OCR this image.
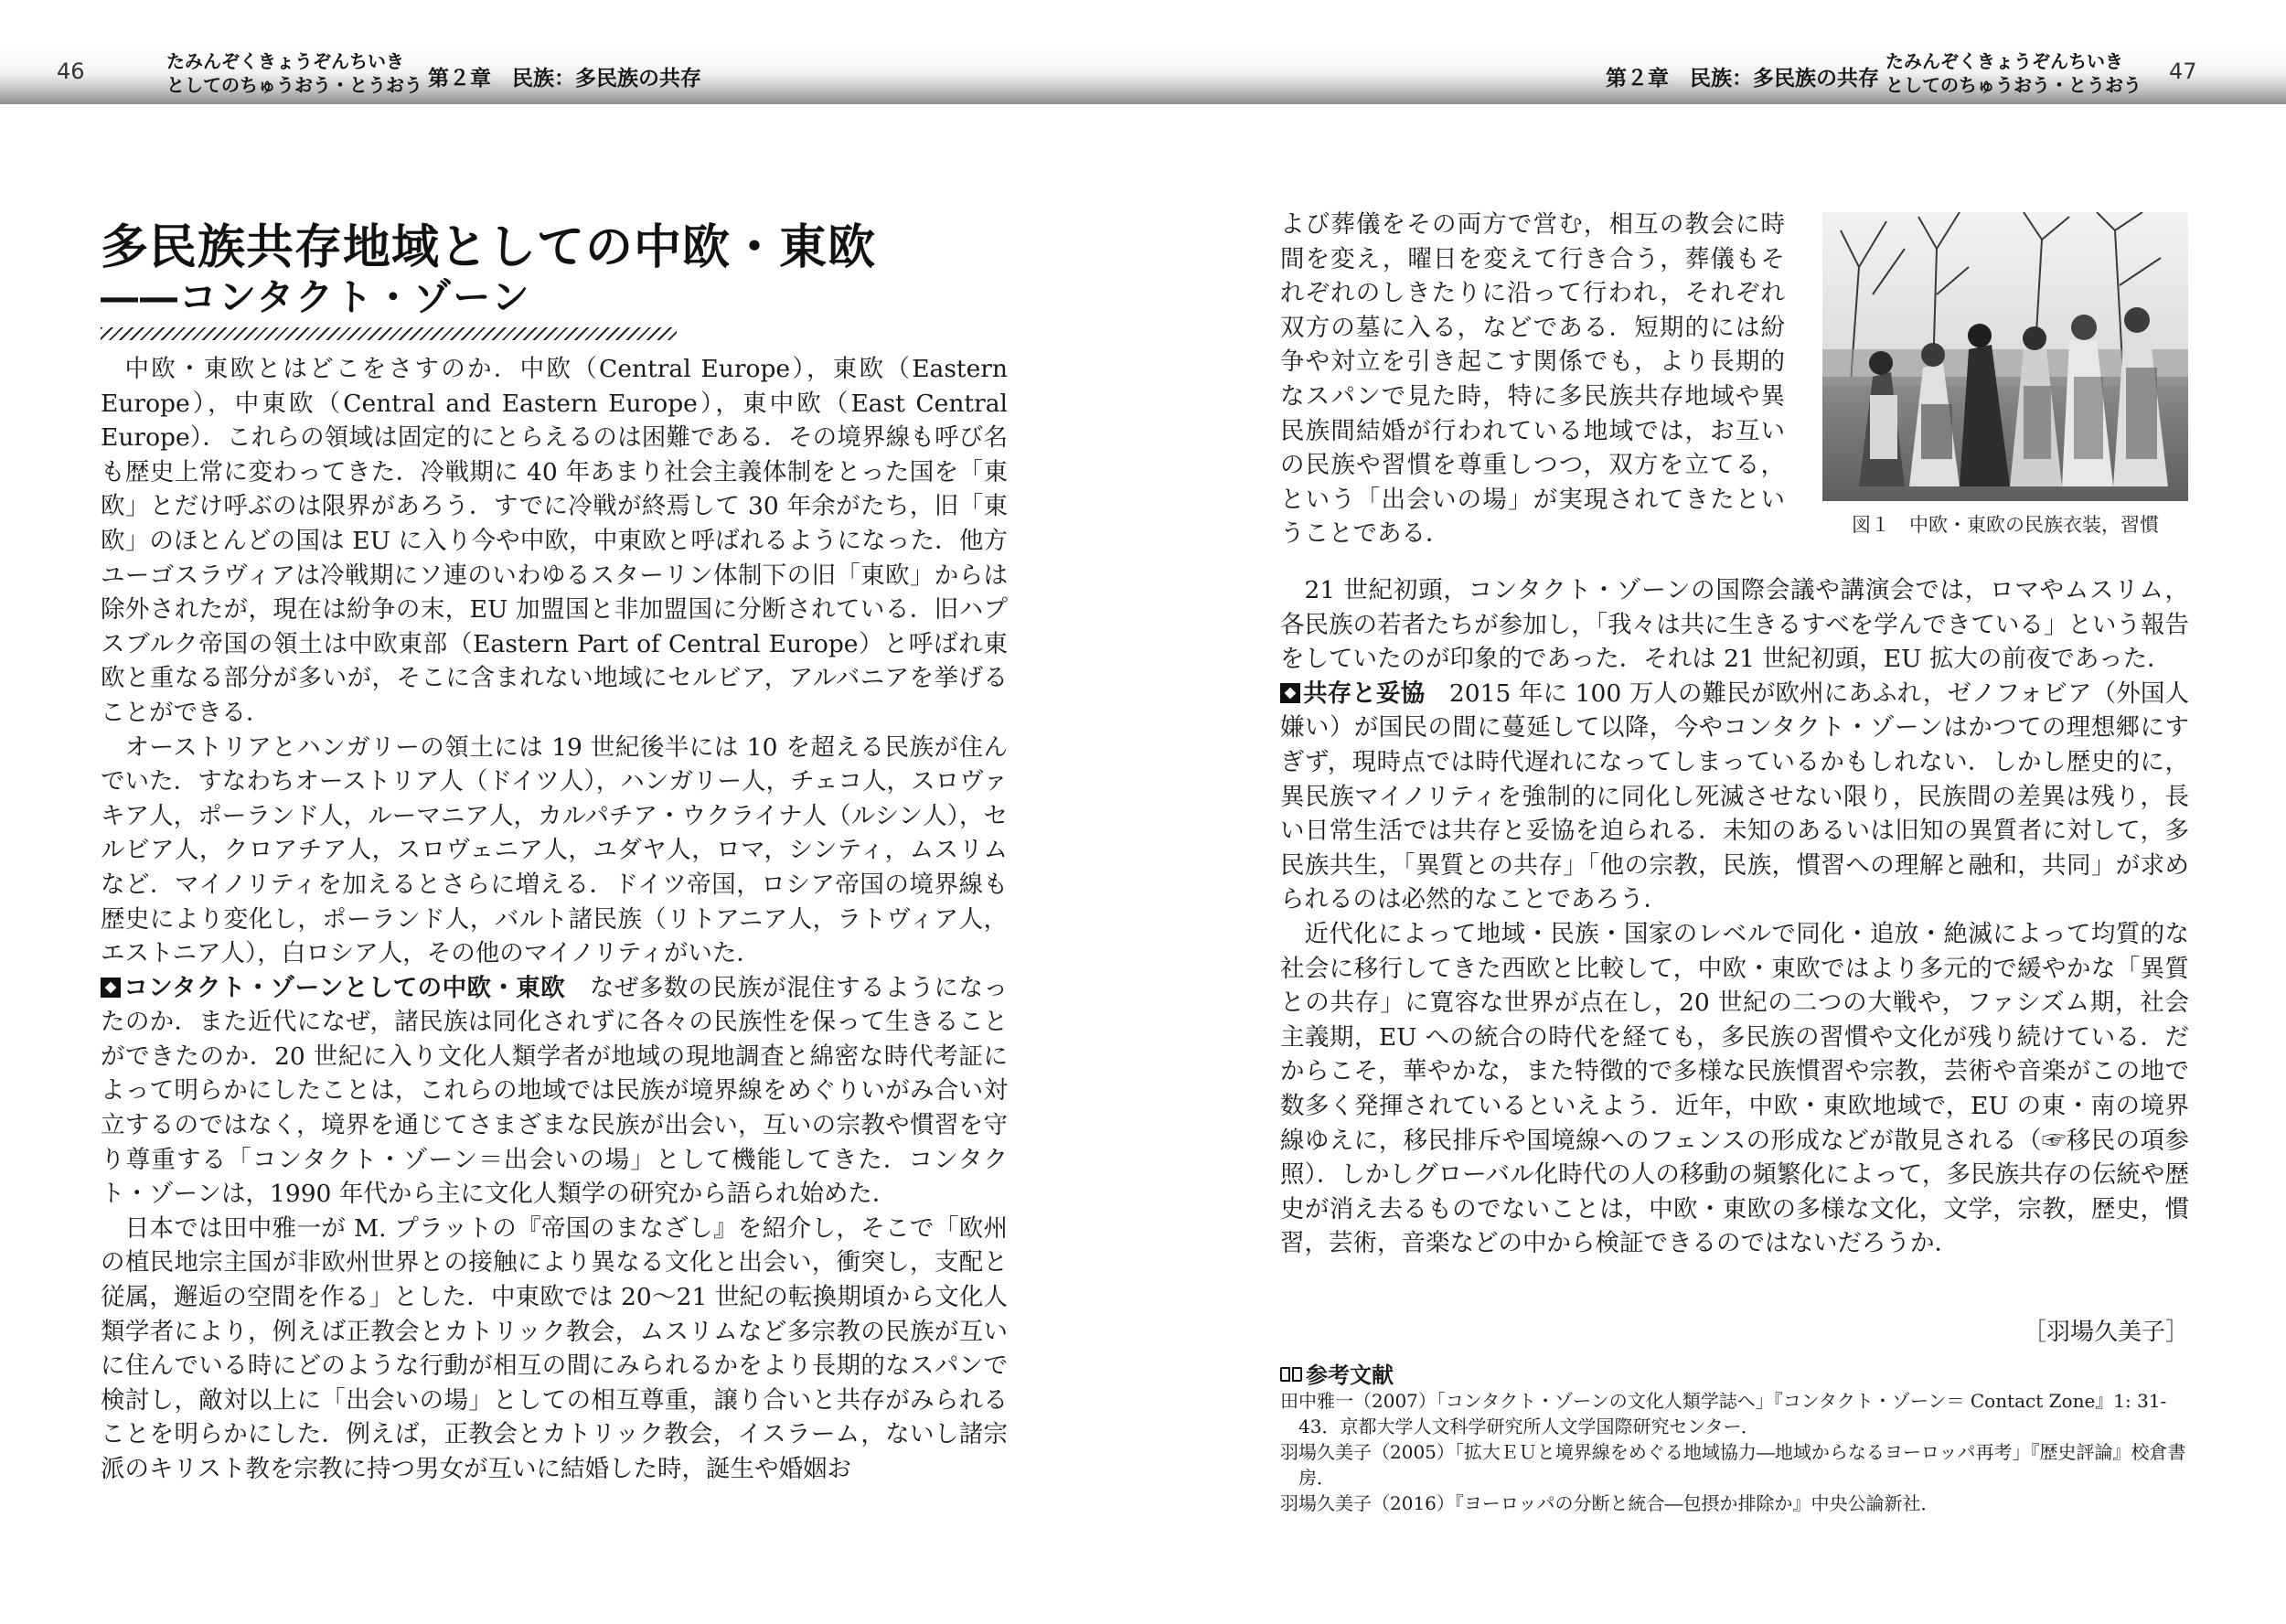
46	たみんぞくきょうぞんちいき
としてのちゅうおう・とうおう 第２章　民族：多民族の共存	第２章　民族：多民族の共存
たみんぞくきょうぞんちいき
としてのちゅうおう・とうおう
47
多民族共存地域としての中欧・東欧
――コンタクト・ゾーン

中欧・東欧とはどこをさすのか．中欧（Central Europe），東欧（Eastern Europe），中東欧（Central and Eastern Europe），東中欧（East Central Europe）．これらの領域は固定的にとらえるのは困難である．その境界線も呼び名も歴史上常に変わってきた．冷戦期に 40 年あまり社会主義体制をとった国を「東欧」とだけ呼ぶのは限界があろう．すでに冷戦が終焉して 30 年余がたち，旧「東欧」のほとんどの国は EU に入り今や中欧，中東欧と呼ばれるようになった．他方ユーゴスラヴィアは冷戦期にソ連のいわゆるスターリン体制下の旧「東欧」からは除外されたが，現在は紛争の末，EU 加盟国と非加盟国に分断されている．旧ハプスブルク帝国の領土は中欧東部（Eastern Part of Central Europe）と呼ばれ東欧と重なる部分が多いが，そこに含まれない地域にセルビア，アルバニアを挙げることができる．

オーストリアとハンガリーの領土には 19 世紀後半には 10 を超える民族が住んでいた．すなわちオーストリア人（ドイツ人），ハンガリー人，チェコ人，スロヴァキア人，ポーランド人，ルーマニア人，カルパチア・ウクライナ人（ルシン人），セルビア人，クロアチア人，スロヴェニア人，ユダヤ人，ロマ，シンティ，ムスリムなど．マイノリティを加えるとさらに増える．ドイツ帝国，ロシア帝国の境界線も歴史により変化し，ポーランド人，バルト諸民族（リトアニア人，ラトヴィア人，エストニア人），白ロシア人，その他のマイノリティがいた．

コンタクト・ゾーンとしての中欧・東欧　 なぜ多数の民族が混住するようになったのか．また近代になぜ，諸民族は同化されずに各々の民族性を保って生きることができたのか．20 世紀に入り文化人類学者が地域の現地調査と綿密な時代考証によって明らかにしたことは，これらの地域では民族が境界線をめぐりいがみ合い対立するのではなく，境界を通じてさまざまな民族が出会い，互いの宗教や慣習を守り尊重する「コンタクト・ゾーン＝出会いの場」として機能してきた．コンタクト・ゾーンは，1990 年代から主に文化人類学の研究から語られ始めた．

日本では田中雅一が M. プラットの『帝国のまなざし』を紹介し，そこで「欧州の植民地宗主国が非欧州世界との接触により異なる文化と出会い，衝突し，支配と従属，邂逅の空間を作る」とした．中東欧では 20～21 世紀の転換期頃から文化人類学者により，例えば正教会とカトリック教会，ムスリムなど多宗教の民族が互いに住んでいる時にどのような行動が相互の間にみられるかをより長期的なスパンで検討し，敵対以上に「出会いの場」としての相互尊重，譲り合いと共存がみられることを明らかにした．例えば，正教会とカトリック教会，イスラーム，ないし諸宗派のキリスト教を宗教に持つ男女が互いに結婚した時，誕生や婚姻お

よび葬儀をその両方で営む，相互の教会に時間を変え，曜日を変えて行き合う，葬儀もそれぞれのしきたりに沿って行われ，それぞれ双方の墓に入る，などである．短期的には紛争や対立を引き起こす関係でも，より長期的なスパンで見た時，特に多民族共存地域や異民族間結婚が行われている地域では，お互いの民族や習慣を尊重しつつ，双方を立てる，という「出会いの場」が実現されてきたということである．	図１　中欧・東欧の民族衣装，習慣

21 世紀初頭，コンタクト・ゾーンの国際会議や講演会では，ロマやムスリム，各民族の若者たちが参加し，「我々は共に生きるすべを学んできている」という報告をしていたのが印象的であった．それは 21 世紀初頭，EU 拡大の前夜であった．

共存と妥協　 2015 年に 100 万人の難民が欧州にあふれ，ゼノフォビア（外国人嫌い）が国民の間に蔓延して以降，今やコンタクト・ゾーンはかつての理想郷にすぎず，現時点では時代遅れになってしまっているかもしれない．しかし歴史的に，異民族マイノリティを強制的に同化し死滅させない限り，民族間の差異は残り，長い日常生活では共存と妥協を迫られる．未知のあるいは旧知の異質者に対して，多民族共生，「異質との共存」「他の宗教，民族，慣習への理解と融和，共同」が求められるのは必然的なことであろう．

近代化によって地域・民族・国家のレベルで同化・追放・絶滅によって均質的な社会に移行してきた西欧と比較して，中欧・東欧ではより多元的で緩やかな「異質との共存」に寛容な世界が点在し，20 世紀の二つの大戦や，ファシズム期，社会主義期，EU への統合の時代を経ても，多民族の習慣や文化が残り続けている．だからこそ，華やかな，また特徴的で多様な民族慣習や宗教，芸術や音楽がこの地で数多く発揮されているといえよう．近年，中欧・東欧地域で，EU の東・南の境界線ゆえに，移民排斥や国境線へのフェンスの形成などが散見される（☞移民の項参照）．しかしグローバル化時代の人の移動の頻繁化によって，多民族共存の伝統や歴史が消え去るものでないことは，中欧・東欧の多様な文化，文学，宗教，歴史，慣習，芸術，音楽などの中から検証できるのではないだろうか．

［羽場久美子］
参考文献
田中雅一（2007）「コンタクト・ゾーンの文化人類学誌へ」『コンタクト・ゾーン＝ Contact Zone』1: 31-43．京都大学人文科学研究所人文学国際研究センター．
羽場久美子（2005）「拡大ＥＵと境界線をめぐる地域協力―地域からなるヨーロッパ再考」『歴史評論』校倉書房．
羽場久美子（2016）『ヨーロッパの分断と統合―包摂か排除か』中央公論新社．
